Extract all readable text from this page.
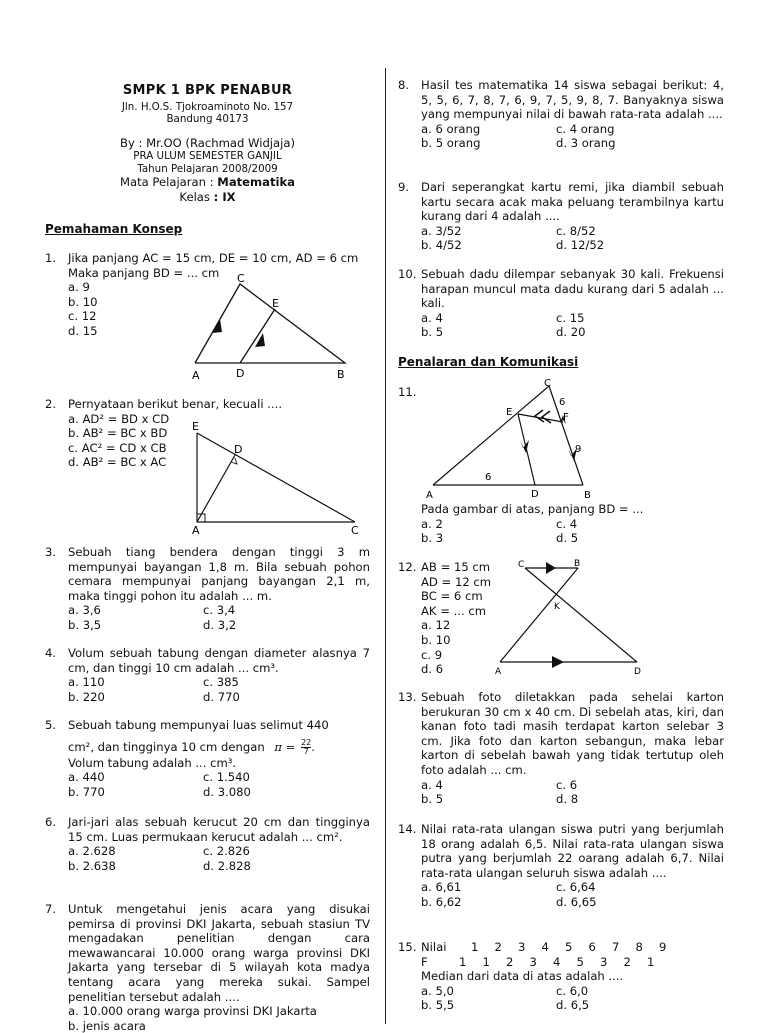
SMPK 1 BPK PENABUR
Jln. H.O.S. Tjokroaminoto No. 157
Bandung 40173
By : Mr.OO (Rachmad Widjaja)
PRA ULUM SEMESTER GANJIL
Tahun Pelajaran 2008/2009
Mata Pelajaran : Matematika
Kelas : IX
Pemahaman Konsep
1. Jika panjang AC = 15 cm, DE = 10 cm, AD = 6 cm
Maka panjang BD = ... cm
a. 9
b. 10
c. 12
d. 15
A	D	B
C
E
2. Pernyataan berikut benar, kecuali ....
a. AD² = BD x CD
b. AB² = BC x BD
c. AC² = CD x CB
d. AB² = BC x AC
E
D
A	C
3. Sebuah tiang bendera dengan tinggi 3 m mempunyai bayangan 1,8 m. Bila sebuah pohon cemara mempunyai panjang bayangan 2,1 m, maka tinggi pohon itu adalah ... m.
a. 3,6	c. 3,4
b. 3,5	d. 3,2
4. Volum sebuah tabung dengan diameter alasnya 7 cm, dan tinggi 10 cm adalah ... cm³.
a. 110	c. 385
b. 220	d. 770
5. Sebuah tabung mempunyai luas selimut 440
cm², dan tingginya 10 cm dengan $\pi = \frac{22}{7}$ .
Volum tabung adalah ... cm³.
a. 440	c. 1.540
b. 770	d. 3.080
6. Jari-jari alas sebuah kerucut 20 cm dan tingginya 15 cm. Luas permukaan kerucut adalah ... cm².
a. 2.628	c. 2.826
b. 2.638	d. 2.828
7. Untuk mengetahui jenis acara yang disukai pemirsa di provinsi DKI Jakarta, sebuah stasiun TV mengadakan penelitian dengan cara mewawancarai 10.000 orang warga provinsi DKI Jakarta yang tersebar di 5 wilayah kota madya tentang acara yang mereka sukai. Sampel penelitian tersebut adalah ....
a. 10.000 orang warga provinsi DKI Jakarta
b. jenis acara
8. Hasil tes matematika 14 siswa sebagai berikut: 4, 5, 5, 6, 7, 8, 7, 6, 9, 7, 5, 9, 8, 7. Banyaknya siswa yang mempunyai nilai di bawah rata-rata adalah ....
a. 6 orang	c. 4 orang
b. 5 orang	d. 3 orang
9. Dari seperangkat kartu remi, jika diambil sebuah kartu secara acak maka peluang terambilnya kartu kurang dari 4 adalah ....
a. 3/52	c. 8/52
b. 4/52	d. 12/52
10. Sebuah dadu dilempar sebanyak 30 kali. Frekuensi harapan muncul mata dadu kurang dari 5 adalah ... kali.
a. 4	c. 15
b. 5	d. 20
Penalaran dan Komunikasi
11.
A	D	B
C
E	F
6
9
6
Pada gambar di atas, panjang BD = ...
a. 2	c. 4
b. 3	d. 5
12. AB = 15 cm
AD = 12 cm
BC = 6 cm
AK = ... cm
a. 12
b. 10
c. 9
d. 6
C	B
K
A	D
13. Sebuah foto diletakkan pada sehelai karton berukuran 30 cm x 40 cm. Di sebelah atas, kiri, dan kanan foto tadi masih terdapat karton selebar 3 cm. Jika foto dan karton sebangun, maka lebar karton di sebelah bawah yang tidak tertutup oleh foto adalah ... cm.
a. 4	c. 6
b. 5	d. 8
14. Nilai rata-rata ulangan siswa putri yang berjumlah 18 orang adalah 6,5. Nilai rata-rata ulangan siswa putra yang berjumlah 22 oarang adalah 6,7. Nilai rata-rata ulangan seluruh siswa adalah ....
a. 6,61	c. 6,64
b. 6,62	d. 6,65
15. Nilai	1	2	3	4	5	6	7	8	9
F	1	1	2	3	4	5	3	2	1
Median dari data di atas adalah ....
a. 5,0	c. 6,0
b. 5,5	d. 6,5
